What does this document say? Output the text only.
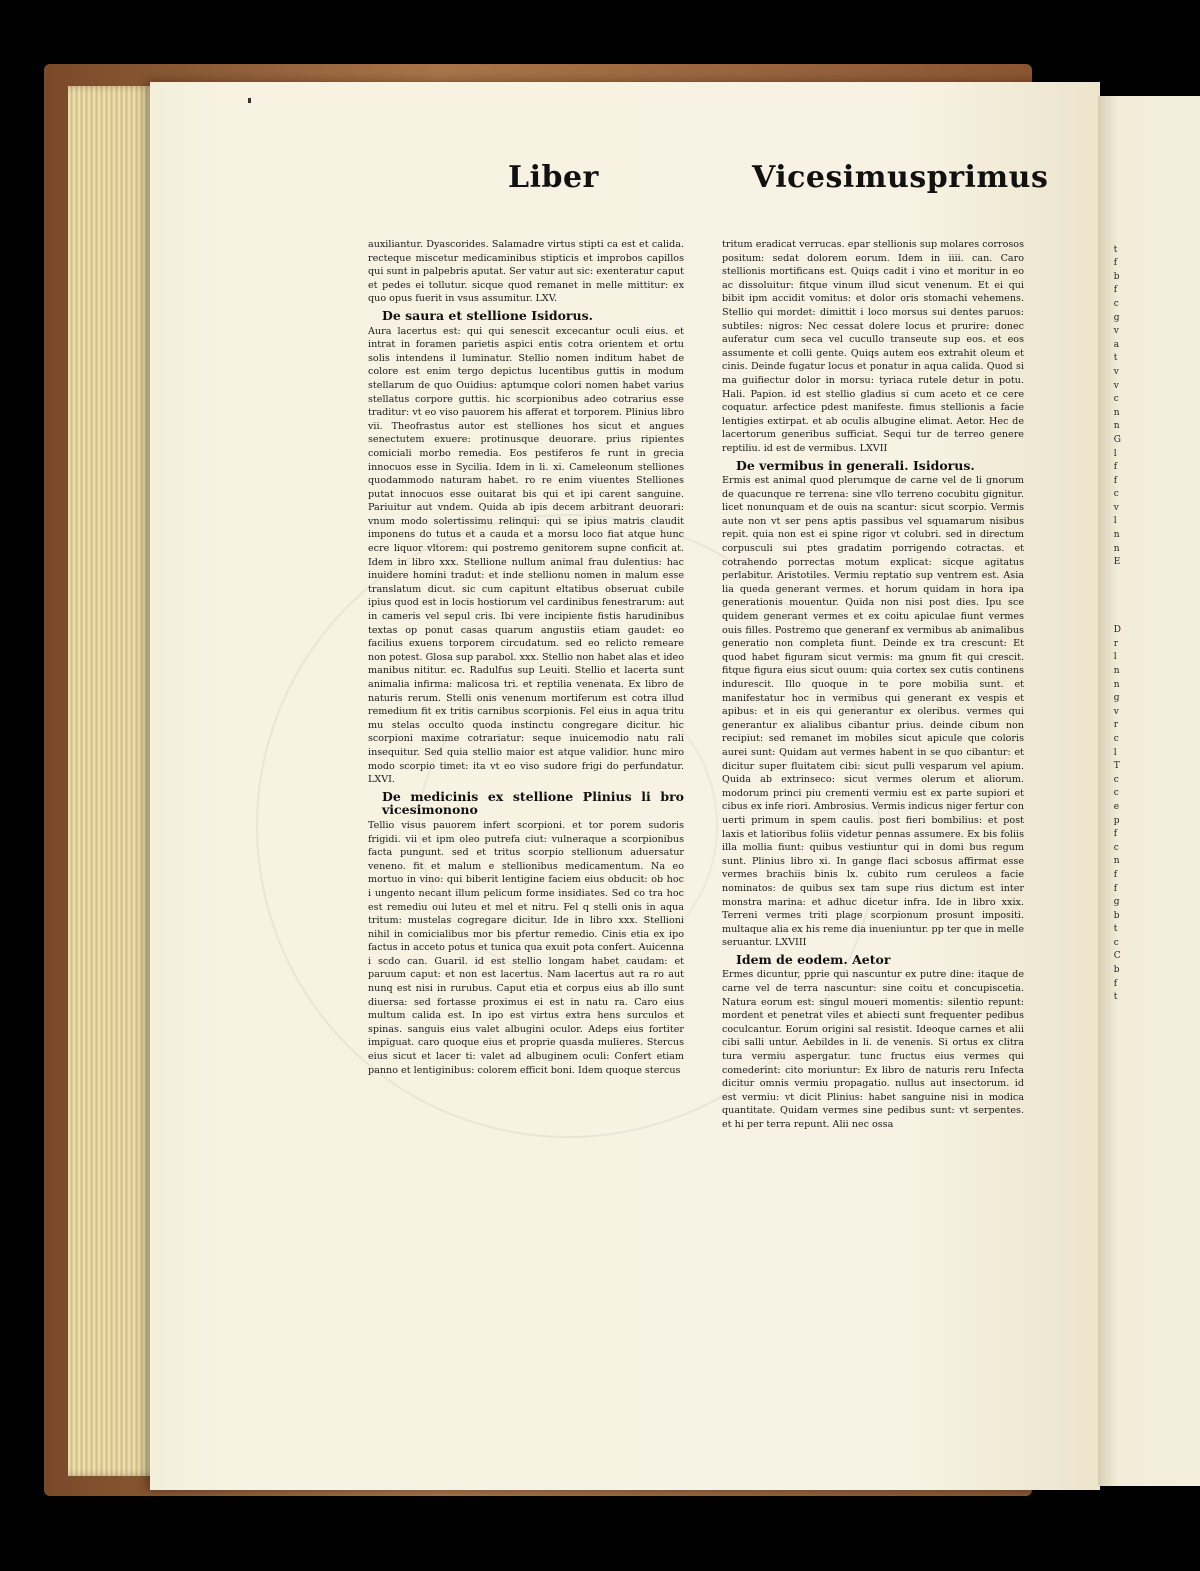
t
f
b
f
c
g
v
a
t
v
v
c
n
n
G
l
f
f
c
v
l
n
n
E

D
r
l
n
n
g
v
r
c
l
T
c
c
e
p
f
c
n
f
f
g
b
t
c
C
b
f
t
Liber	Vicesimusprimus
auxiliantur. Dyascorides. Salamadre virtus stipti ca est et calida. recteque miscetur medicaminibus stipticis et improbos capillos qui sunt in palpebris aputat. Ser vatur aut sic: exenteratur caput et pedes ei tollutur. sicque quod remanet in melle mittitur: ex quo opus fuerit in vsus assumitur. LXV.
De saura et stellione Isidorus.
Aura lacertus est: qui qui senescit excecantur oculi eius. et intrat in foramen parietis aspici entis cotra orientem et ortu solis intendens il luminatur. Stellio nomen inditum habet de colore est enim tergo depictus lucentibus guttis in modum stellarum de quo Ouidius: aptumque colori nomen habet varius stellatus corpore guttis. hic scorpionibus adeo cotrarius esse traditur: vt eo viso pauorem his afferat et torporem. Plinius libro vii. Theofrastus autor est stelliones hos sicut et angues senectutem exuere: protinusque deuorare. prius ripientes comiciali morbo remedia. Eos pestiferos fe runt in grecia innocuos esse in Sycilia. Idem in li. xi. Cameleonum stelliones quodammodo naturam habet. ro re enim viuentes Stelliones putat innocuos esse ouitarat bis qui et ipi carent sanguine. Pariuitur aut vndem. Quida ab ipis decem arbitrant deuorari: vnum modo solertissimu relinqui: qui se ipius matris claudit imponens do tutus et a cauda et a morsu loco fiat atque hunc ecre liquor vltorem: qui postremo genitorem supne conficit at. Idem in libro xxx. Stellione nullum animal frau dulentius: hac inuidere homini tradut: et inde stellionu nomen in malum esse translatum dicut. sic cum capitunt eltatibus obseruat cubile ipius quod est in locis hostiorum vel cardinibus fenestrarum: aut in cameris vel sepul cris. Ibi vere incipiente fistis harudinibus textas op ponut casas quarum angustiis etiam gaudet: eo facilius exuens torporem circudatum. sed eo relicto remeare non potest. Glosa sup parabol. xxx. Stellio non habet alas et ideo manibus nititur. ec. Radulfus sup Leuiti. Stellio et lacerta sunt animalia infirma: malicosa tri. et reptilia venenata. Ex libro de naturis rerum. Stelli onis venenum mortiferum est cotra illud remedium fit ex tritis carnibus scorpionis. Fel eius in aqua tritu mu stelas occulto quoda instinctu congregare dicitur. hic scorpioni maxime cotrariatur: seque inuicemodio natu rali insequitur. Sed quia stellio maior est atque validior. hunc miro modo scorpio timet: ita vt eo viso sudore frigi do perfundatur. LXVI.
De medicinis ex stellione Plinius li bro vicesimonono
Tellio visus pauorem infert scorpioni. et tor porem sudoris frigidi. vii et ipm oleo putrefa ciut: vulneraque a scorpionibus facta pungunt. sed et tritus scorpio stellionum aduersatur veneno. fit et malum e stellionibus medicamentum. Na eo mortuo in vino: qui biberit lentigine faciem eius obducit: ob hoc i ungento necant illum pelicum forme insidiates. Sed co tra hoc est remediu oui luteu et mel et nitru. Fel q stelli onis in aqua tritum: mustelas cogregare dicitur. Ide in libro xxx. Stellioni nihil in comicialibus mor bis pfertur remedio. Cinis etia ex ipo factus in acceto potus et tunica qua exuit pota confert. Auicenna i scdo can. Guaril. id est stellio longam habet caudam: et paruum caput: et non est lacertus. Nam lacertus aut ra ro aut nunq est nisi in rurubus. Caput etia et corpus eius ab illo sunt diuersa: sed fortasse proximus ei est in natu ra. Caro eius multum calida est. In ipo est virtus extra hens surculos et spinas. sanguis eius valet albugini oculor. Adeps eius fortiter impiguat. caro quoque eius et proprie quasda mulieres. Stercus eius sicut et lacer ti: valet ad albuginem oculi: Confert etiam panno et lentiginibus: colorem efficit boni. Idem quoque stercus
tritum eradicat verrucas. epar stellionis sup molares corrosos positum: sedat dolorem eorum. Idem in iiii. can. Caro stellionis mortificans est. Quiqs cadit i vino et moritur in eo ac dissoluitur: fitque vinum illud sicut venenum. Et ei qui bibit ipm accidit vomitus: et dolor oris stomachi vehemens. Stellio qui mordet: dimittit i loco morsus sui dentes paruos: subtiles: nigros: Nec cessat dolere locus et prurire: donec auferatur cum seca vel cucullo transeute sup eos. et eos assumente et colli gente. Quiqs autem eos extrahit oleum et cinis. Deinde fugatur locus et ponatur in aqua calida. Quod si ma guifiectur dolor in morsu: tyriaca rutele detur in potu. Hali. Papion. id est stellio gladius si cum aceto et ce cere coquatur. arfectice pdest manifeste. fimus stellionis a facie lentigies extirpat. et ab oculis albugine elimat. Aetor. Hec de lacertorum generibus sufficiat. Sequi tur de terreo genere reptiliu. id est de vermibus. LXVII
De vermibus in generali. Isidorus.
Ermis est animal quod plerumque de carne vel de li gnorum de quacunque re terrena: sine vllo terreno cocubitu gignitur. licet nonunquam et de ouis na scantur: sicut scorpio. Vermis aute non vt ser pens aptis passibus vel squamarum nisibus repit. quia non est ei spine rigor vt colubri. sed in directum corpusculi sui ptes gradatim porrigendo cotractas. et cotrahendo porrectas motum explicat: sicque agitatus perlabitur. Aristotiles. Vermiu reptatio sup ventrem est. Asia lia queda generant vermes. et horum quidam in hora ipa generationis mouentur. Quida non nisi post dies. Ipu sce quidem generant vermes et ex coitu apiculae fiunt vermes ouis filles. Postremo que generanf ex vermibus ab animalibus generatio non completa fiunt. Deinde ex tra crescunt: Et quod habet figuram sicut vermis: ma gnum fit qui crescit. fitque figura eius sicut ouum: quia cortex sex cutis continens indurescit. Illo quoque in te pore mobilia sunt. et manifestatur hoc in vermibus qui generant ex vespis et apibus: et in eis qui generantur ex oleribus. vermes qui generantur ex alialibus cibantur prius. deinde cibum non recipiut: sed remanet im mobiles sicut apicule que coloris aurei sunt: Quidam aut vermes habent in se quo cibantur: et dicitur super fluitatem cibi: sicut pulli vesparum vel apium. Quida ab extrinseco: sicut vermes olerum et aliorum. modorum princi piu crementi vermiu est ex parte supiori et cibus ex infe riori. Ambrosius. Vermis indicus niger fertur con uerti primum in spem caulis. post fieri bombilius: et post laxis et latioribus foliis videtur pennas assumere. Ex bis foliis illa mollia fiunt: quibus vestiuntur qui in domi bus regum sunt. Plinius libro xi. In gange flaci scbosus affirmat esse vermes brachiis binis lx. cubito rum ceruleos a facie nominatos: de quibus sex tam supe rius dictum est inter monstra marina: et adhuc dicetur infra. Ide in libro xxix. Terreni vermes triti plage scorpionum prosunt impositi. multaque alia ex his reme dia inueniuntur. pp ter que in melle seruantur. LXVIII
Idem de eodem. Aetor
Ermes dicuntur, pprie qui nascuntur ex putre dine: itaque de carne vel de terra nascuntur: sine coitu et concupiscetia. Natura eorum est: singul moueri momentis: silentio repunt: mordent et penetrat viles et abiecti sunt frequenter pedibus coculcantur. Eorum origini sal resistit. Ideoque carnes et alii cibi salli untur. Aebildes in li. de venenis. Si ortus ex clitra tura vermiu aspergatur. tunc fructus eius vermes qui comederint: cito moriuntur: Ex libro de naturis reru Infecta dicitur omnis vermiu propagatio. nullus aut insectorum. id est vermiu: vt dicit Plinius: habet sanguine nisi in modica quantitate. Quidam vermes sine pedibus sunt: vt serpentes. et hi per terra repunt. Alii nec ossa
